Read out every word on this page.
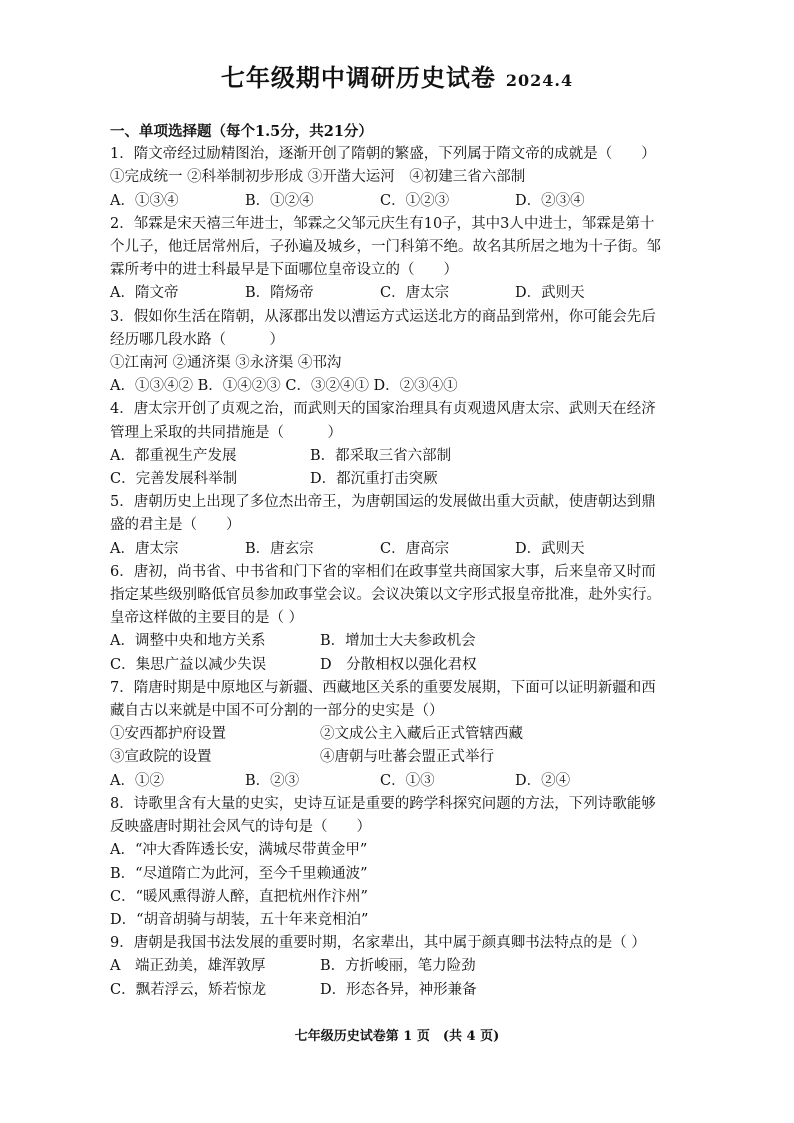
七年级期中调研历史试卷 2024.4
一、单项选择题（每个1.5分，共21分）
1．隋文帝经过励精图治，逐渐开创了隋朝的繁盛，下列属于隋文帝的成就是（　　）
①完成统一 ②科举制初步形成 ③开凿大运河　④初建三省六部制
A．①③④	B．①②④	C．①②③	D．②③④
2．邹霖是宋天禧三年进士，邹霖之父邹元庆生有10子，其中3人中进士，邹霖是第十
个儿子，他迁居常州后，子孙遍及城乡，一门科第不绝。故名其所居之地为十子街。邹
霖所考中的进士科最早是下面哪位皇帝设立的（　　）
A．隋文帝	B．隋炀帝	C．唐太宗	D．武则天
3．假如你生活在隋朝，从涿郡出发以漕运方式运送北方的商品到常州，你可能会先后
经历哪几段水路（　　　）
①江南河 ②通济渠 ③永济渠 ④邗沟
A．①③④② B．①④②③ C．③②④① D．②③④①
4．唐太宗开创了贞观之治，而武则天的国家治理具有贞观遗风唐太宗、武则天在经济
管理上采取的共同措施是（　　　）
A．都重视生产发展	B．都采取三省六部制
C．完善发展科举制	D．都沉重打击突厥
5．唐朝历史上出现了多位杰出帝王，为唐朝国运的发展做出重大贡献，使唐朝达到鼎
盛的君主是（　　）
A．唐太宗	B．唐玄宗	C．唐高宗	D．武则天
6．唐初，尚书省、中书省和门下省的宰相们在政事堂共商国家大事，后来皇帝又时而
指定某些级别略低官员参加政事堂会议。会议决策以文字形式报皇帝批准，赴外实行。
皇帝这样做的主要目的是（ ）
A．调整中央和地方关系	B．增加士大夫参政机会
C．集思广益以减少失误	D　分散相权以强化君权
7．隋唐时期是中原地区与新疆、西藏地区关系的重要发展期，下面可以证明新疆和西
藏自古以来就是中国不可分割的一部分的史实是（）
①安西都护府设置	②文成公主入藏后正式管辖西藏
③宣政院的设置	④唐朝与吐蕃会盟正式举行
A．①②	B．②③	C．①③	D．②④
8．诗歌里含有大量的史实，史诗互证是重要的跨学科探究问题的方法，下列诗歌能够
反映盛唐时期社会风气的诗句是（　　）
A．“冲大香阵透长安，满城尽带黄金甲”
B．“尽道隋亡为此河，至今千里赖通波”
C．“暖风熏得游人醉，直把杭州作汴州”
D．“胡音胡骑与胡装，五十年来竞相泊”
9．唐朝是我国书法发展的重要时期，名家辈出，其中属于颜真卿书法特点的是（ ）
A　端正劲美，雄浑敦厚	B．方折峻丽，笔力险劲
C．飘若浮云，矫若惊龙	D．形态各异，神形兼备
七年级历史试卷第 1 页　(共 4 页)
